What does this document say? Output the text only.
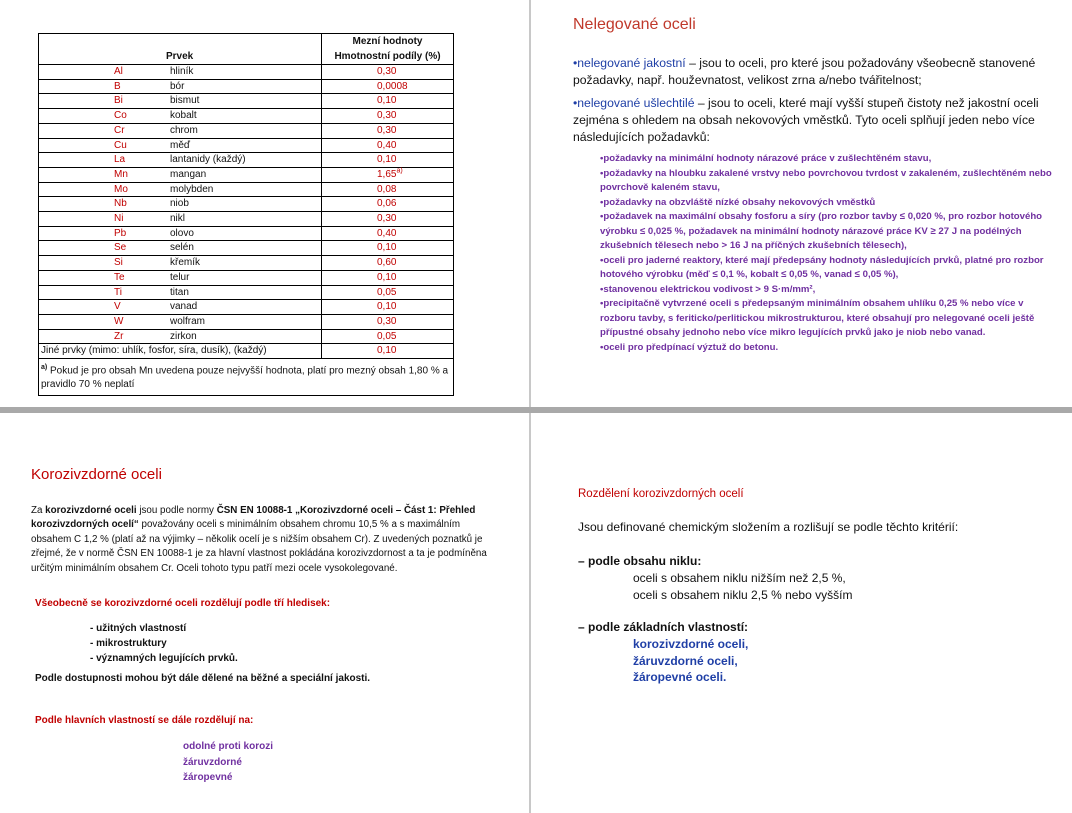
Prvek		Mezní hodnoty
Hmotnostní podíly (%)

Al	hliník	0,30
B	bór	0,0008
Bi	bismut	0,10
Co	kobalt	0,30
Cr	chrom	0,30
Cu	měď	0,40
La	lantanidy (každý)	0,10
Mn	mangan	1,65$^{a)}$
Mo	molybden	0,08
Nb	niob	0,06
Ni	nikl	0,30
Pb	olovo	0,40
Se	selén	0,10
Si	křemík	0,60
Te	telur	0,10
Ti	titan	0,05
V	vanad	0,10
W	wolfram	0,30
Zr	zirkon	0,05
Jiné prvky (mimo: uhlík, fosfor, síra, dusík), (každý)		0,10
$^{a)}$ Pokud je pro obsah Mn uvedena pouze nejvyšší hodnota, platí pro mezný obsah 1,80 % a pravidlo 70 % neplatí		
Nelegované oceli

•nelegované jakostní – jsou to oceli, pro které jsou požadovány všeobecně stanovené požadavky, např. houževnatost, velikost zrna a/nebo tvářitelnost;

•nelegované ušlechtilé – jsou to oceli, které mají vyšší stupeň čistoty než jakostní oceli zejména s ohledem na obsah nekovových vměstků. Tyto oceli splňují jeden nebo více následujících požadavků:

•požadavky na minimální hodnoty nárazové práce v zušlechtěném stavu,
•požadavky na hloubku zakalené vrstvy nebo povrchovou tvrdost v zakaleném, zušlechtěném nebo povrchově kaleném stavu,
•požadavky na obzvláště nízké obsahy nekovových vměstků
•požadavek na maximální obsahy fosforu a síry (pro rozbor tavby ≤ 0,020 %, pro rozbor hotového výrobku ≤ 0,025 %, požadavek na minimální hodnoty nárazové práce KV ≥ 27 J na podélných zkušebních tělesech nebo > 16 J na příčných zkušebních tělesech),
•oceli pro jaderné reaktory, které mají předepsány hodnoty následujících prvků, platné pro rozbor hotového výrobku (měď ≤ 0,1 %, kobalt ≤ 0,05 %, vanad ≤ 0,05 %),
•stanovenou elektrickou vodivost > 9 S·m/mm²,
•precipitačně vytvrzené oceli s předepsaným minimálním obsahem uhlíku 0,25 % nebo více v rozboru tavby, s feriticko/perlitickou mikrostrukturou, které obsahují pro nelegované oceli ještě přípustné obsahy jednoho nebo více mikro legujících prvků jako je niob nebo vanad.
•oceli pro předpínací výztuž do betonu.
Korozivzdorné oceli

Za korozivzdorné oceli jsou podle normy ČSN EN 10088-1 „Korozivzdorné oceli – Část 1: Přehled korozivzdorných ocelí“ považovány oceli s minimálním obsahem chromu 10,5 % a s maximálním obsahem C 1,2 % (platí až na výjimky – několik ocelí je s nižším obsahem Cr). Z uvedených poznatků je zřejmé, že v normě ČSN EN 10088-1 je za hlavní vlastnost pokládána korozivzdornost a ta je podmíněna určitým minimálním obsahem Cr. Oceli tohoto typu patří mezi ocele vysokolegované.

Všeobecně se korozivzdorné oceli rozdělují podle tří hledisek:

- užitných vlastností
- mikrostruktury
- významných legujících prvků.

Podle dostupnosti mohou být dále dělené na běžné a speciální jakosti.

Podle hlavních vlastností se dále rozdělují na:

odolné proti korozi
žáruvzdorné
žáropevné
Rozdělení korozivzdorných ocelí

Jsou definované chemickým složením a rozlišují se podle těchto kritérií:

– podle obsahu niklu:

oceli s obsahem niklu nižším než 2,5 %,
oceli s obsahem niklu 2,5 % nebo vyšším

– podle základních vlastností:

korozivzdorné oceli,
žáruvzdorné oceli,
žáropevné oceli.
